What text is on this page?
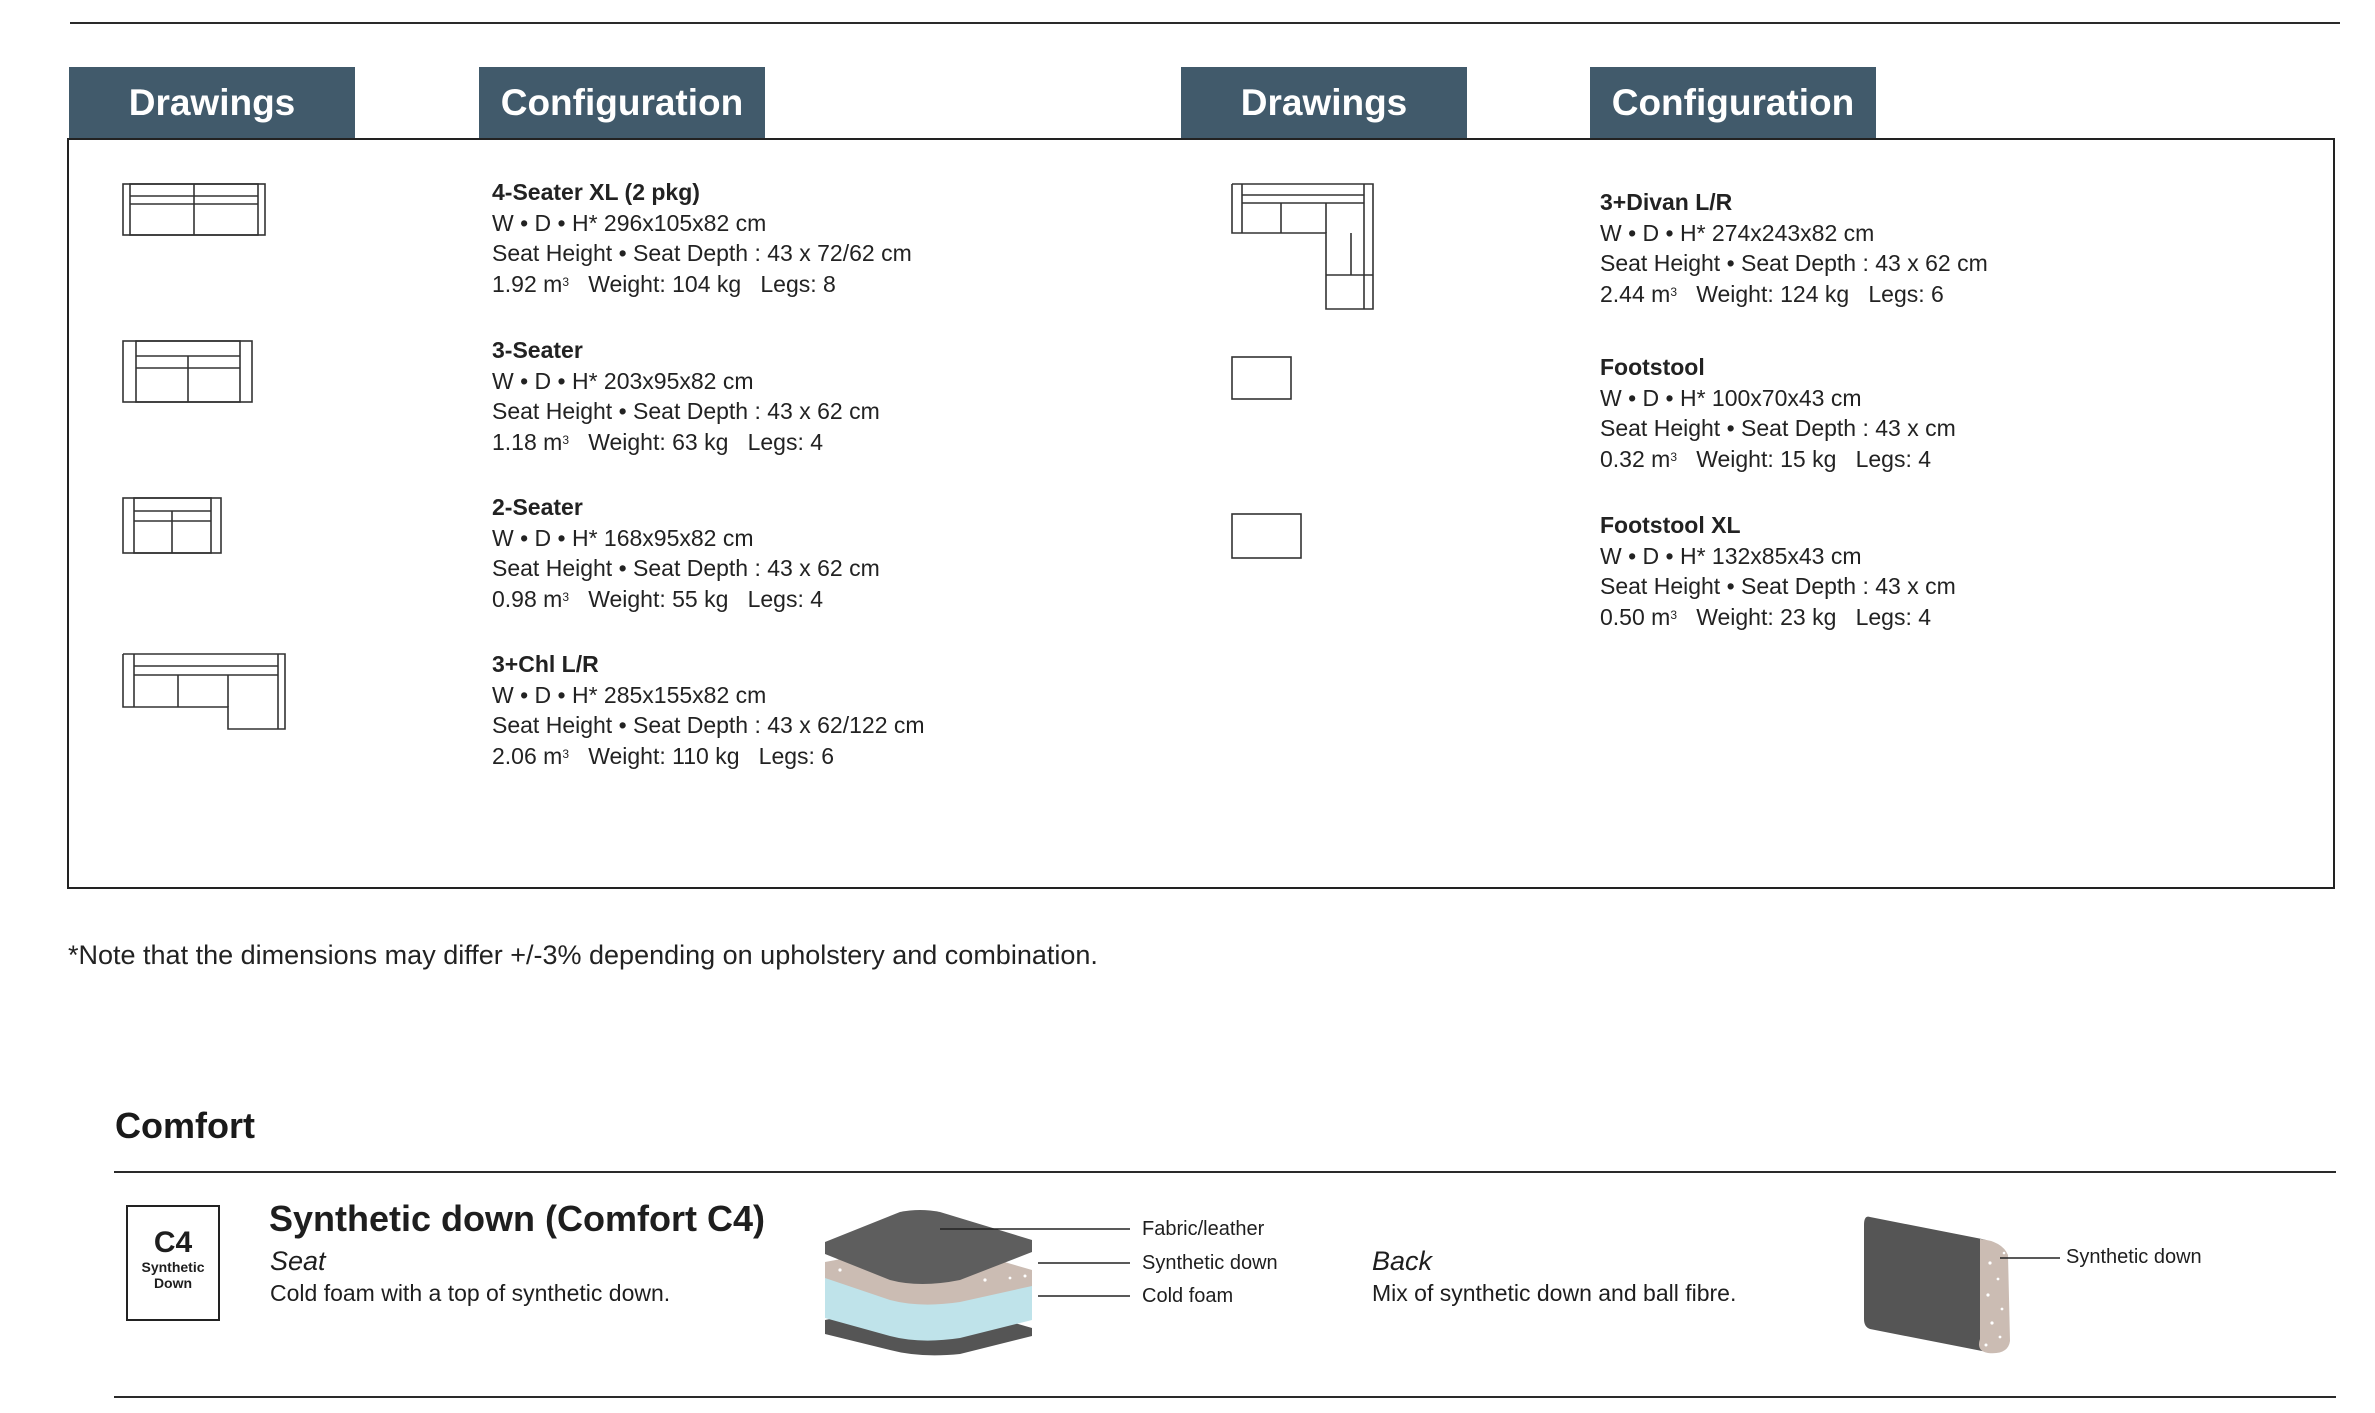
Drawings	Configuration	Drawings	Configuration
4-Seater XL (2 pkg)
W • D • H* 296x105x82 cm
Seat Height • Seat Depth : 43 x 72/62 cm
1.92 $m^3$ Weight: 104 kg Legs: 8
3-Seater
W • D • H* 203x95x82 cm
Seat Height • Seat Depth : 43 x 62 cm
1.18 $m^3$ Weight: 63 kg Legs: 4
2-Seater
W • D • H* 168x95x82 cm
Seat Height • Seat Depth : 43 x 62 cm
0.98 $m^3$ Weight: 55 kg Legs: 4
3+Chl L/R
W • D • H* 285x155x82 cm
Seat Height • Seat Depth : 43 x 62/122 cm
2.06 $m^3$ Weight: 110 kg Legs: 6
3+Divan L/R
W • D • H* 274x243x82 cm
Seat Height • Seat Depth : 43 x 62 cm
2.44 $m^3$ Weight: 124 kg Legs: 6
Footstool
W • D • H* 100x70x43 cm
Seat Height • Seat Depth : 43 x cm
0.32 $m^3$ Weight: 15 kg Legs: 4
Footstool XL
W • D • H* 132x85x43 cm
Seat Height • Seat Depth : 43 x cm
0.50 $m^3$ Weight: 23 kg Legs: 4
*Note that the dimensions may differ +/-3% depending on upholstery and combination.
Comfort
C4
Synthetic
Down
Synthetic down (Comfort C4)
Seat
Cold foam with a top of synthetic down.
Fabric/leather
Synthetic down
Cold foam
Back
Mix of synthetic down and ball fibre.
Synthetic down
